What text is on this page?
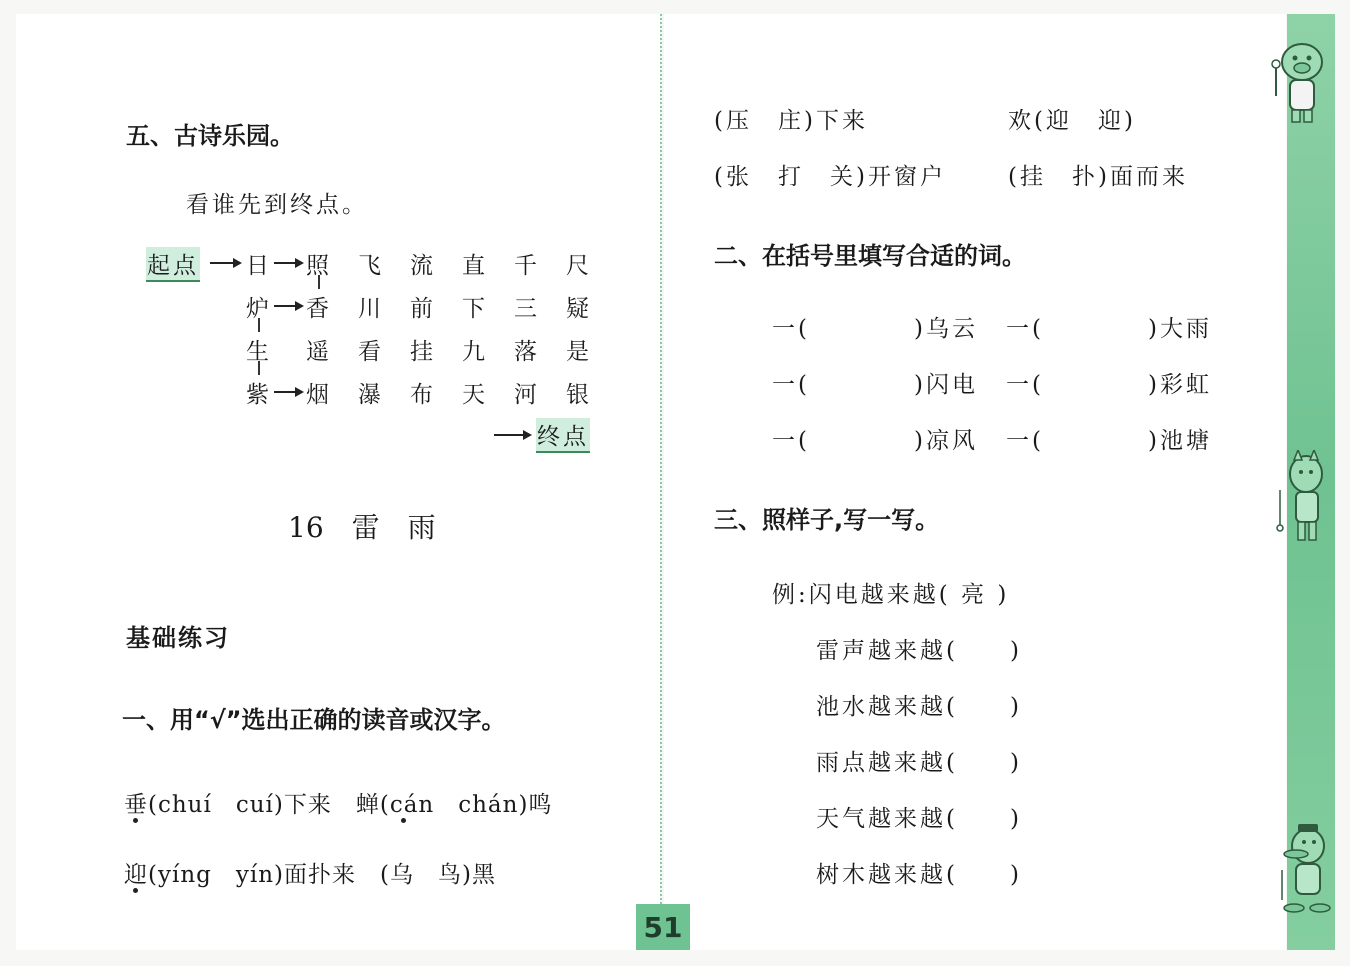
五、古诗乐园。
看谁先到终点。
起点 日 照 飞 流 直 千 尺
炉 香 川 前 下 三 疑
生 遥 看 挂 九 落 是
紫 烟 瀑 布 天 河 银
终点
16　雷　雨
基础练习
一、用“√”选出正确的读音或汉字。
垂(chuí　cuí)下来　蝉(cán　chán)鸣
迎(yíng　yín)面扑来　(乌　鸟)黑
(压　庄)下来	欢(迎　迎)
(张　打　关)开窗户	(挂　扑)面而来
二、在括号里填写合适的词。
一(　　　　)乌云 一(　　　　)大雨
一(　　　　)闪电 一(　　　　)彩虹
一(　　　　)凉风 一(　　　　)池塘
三、照样子,写一写。
例:闪电越来越( 亮 )
雷声越来越(　　)
池水越来越(　　)
雨点越来越(　　)
天气越来越(　　)
树木越来越(　　)
51
